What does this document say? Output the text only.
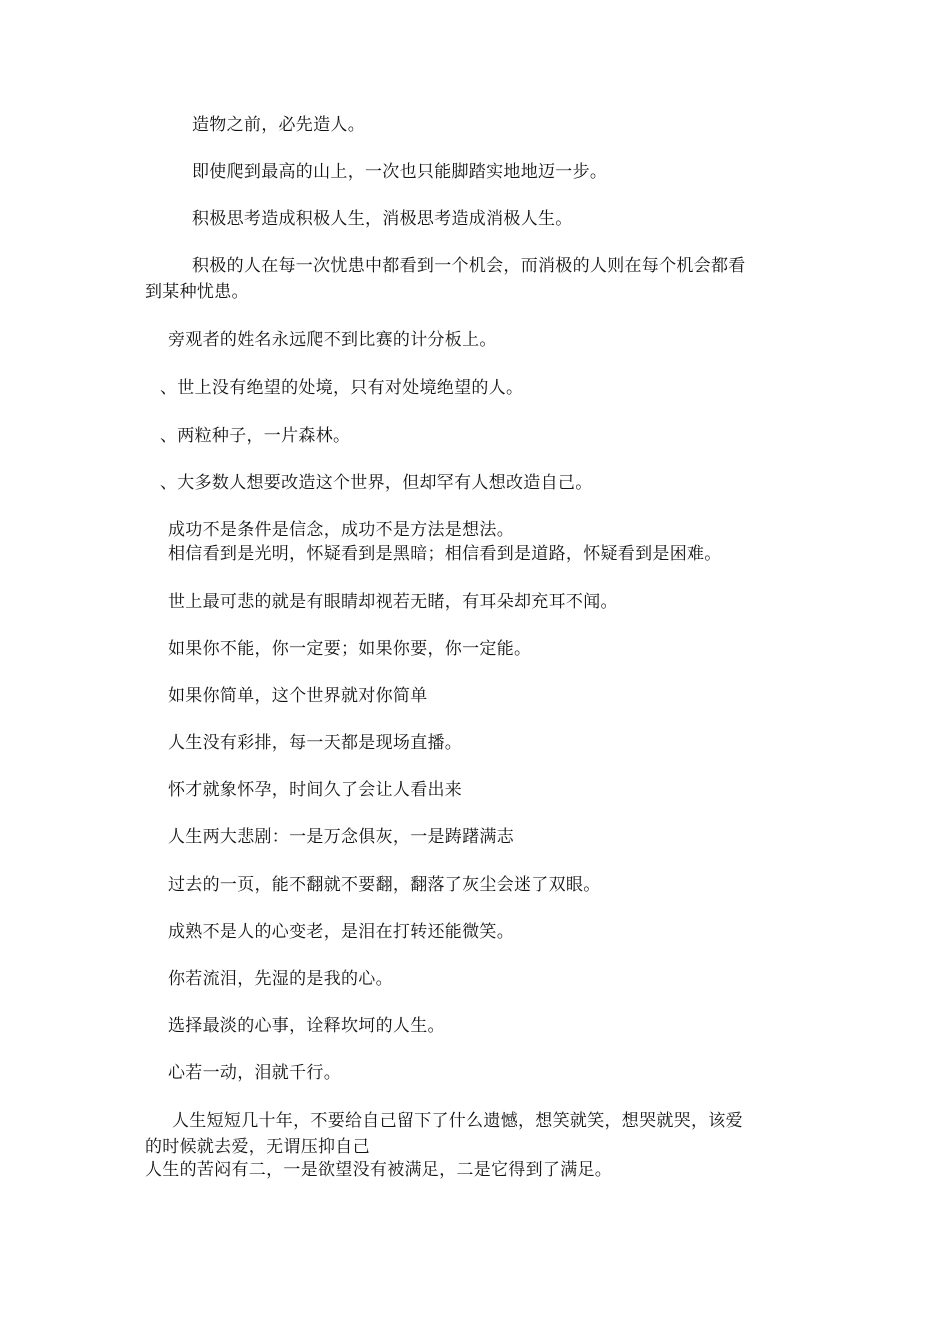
造物之前，必先造人。
即使爬到最高的山上，一次也只能脚踏实地地迈一步。
积极思考造成积极人生，消极思考造成消极人生。
积极的人在每一次忧患中都看到一个机会，而消极的人则在每个机会都看
到某种忧患。
旁观者的姓名永远爬不到比赛的计分板上。
、世上没有绝望的处境，只有对处境绝望的人。
、两粒种子，一片森林。
、大多数人想要改造这个世界，但却罕有人想改造自己。
成功不是条件是信念，成功不是方法是想法。
相信看到是光明，怀疑看到是黑暗；相信看到是道路，怀疑看到是困难。
世上最可悲的就是有眼睛却视若无睹，有耳朵却充耳不闻。
如果你不能，你一定要；如果你要，你一定能。
如果你简单，这个世界就对你简单
人生没有彩排，每一天都是现场直播。
怀才就象怀孕，时间久了会让人看出来
人生两大悲剧：一是万念俱灰，一是踌躇满志
过去的一页，能不翻就不要翻，翻落了灰尘会迷了双眼。
成熟不是人的心变老，是泪在打转还能微笑。
你若流泪，先湿的是我的心。
选择最淡的心事，诠释坎坷的人生。
心若一动，泪就千行。
人生短短几十年，不要给自己留下了什么遗憾，想笑就笑，想哭就哭，该爱
的时候就去爱，无谓压抑自己
人生的苦闷有二，一是欲望没有被满足，二是它得到了满足。
